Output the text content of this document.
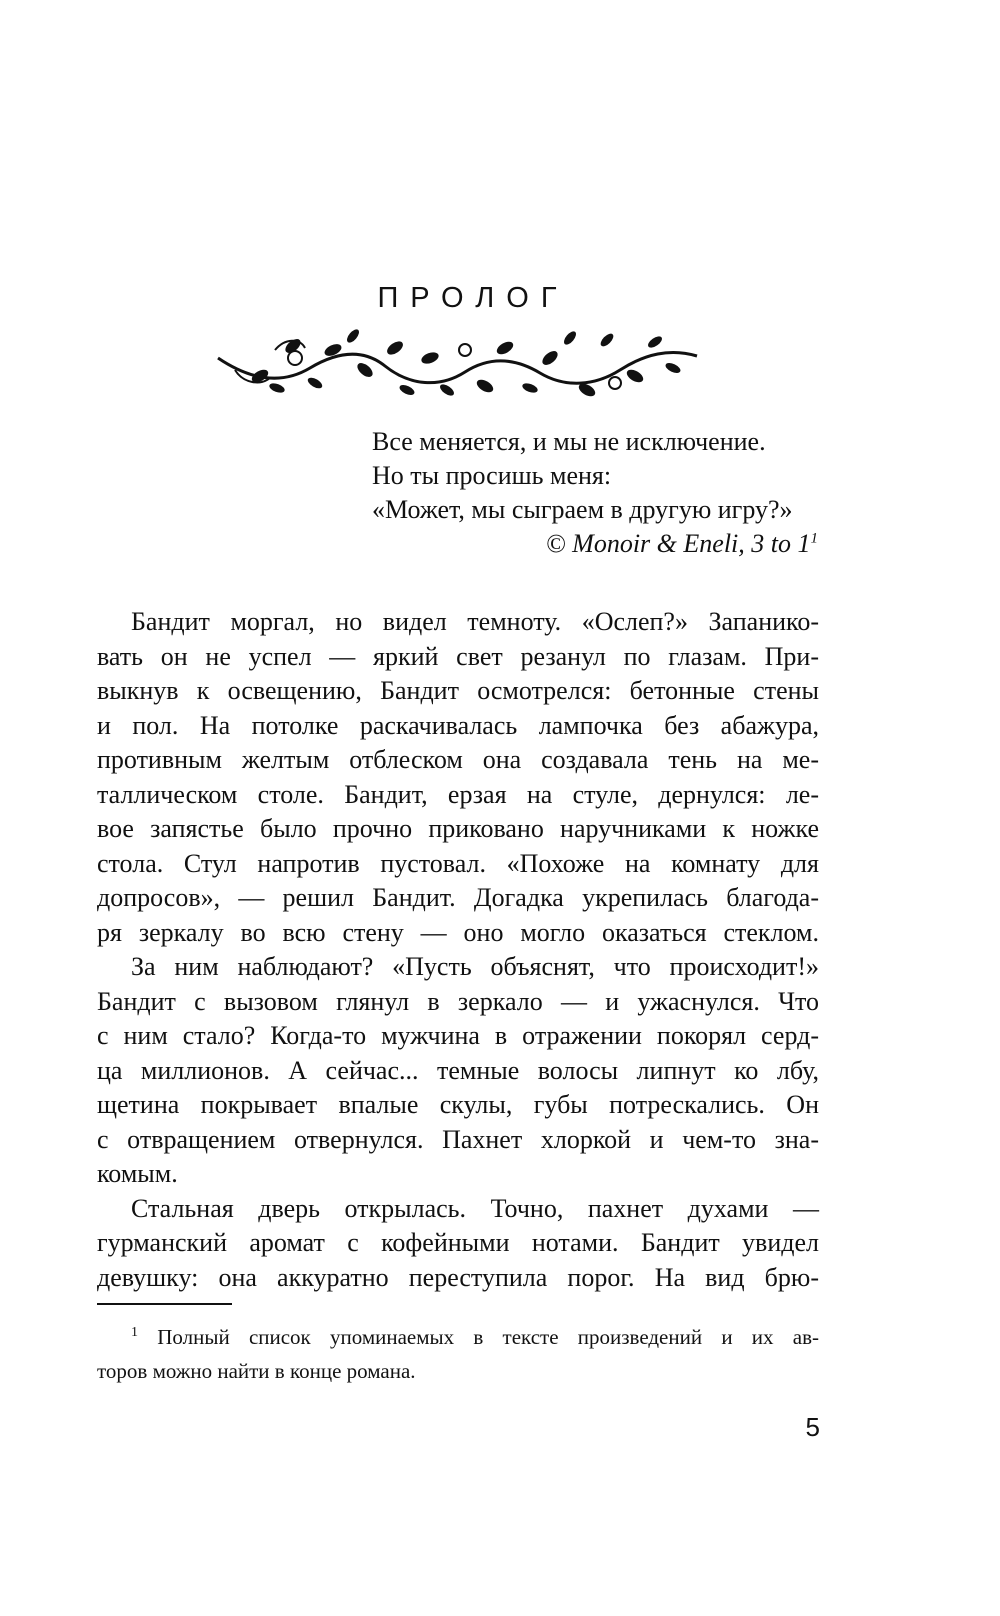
ПРОЛОГ
Все меняется, и мы не исключение.
Но ты просишь меня:
«Может, мы сыграем в другую игру?»
© Monoir & Eneli, 3 to $1^1$
Бандит моргал, но видел темноту. «Ослеп?» Запанико-
вать он не успел — яркий свет резанул по глазам. При-
выкнув к освещению, Бандит осмотрелся: бетонные стены
и пол. На потолке раскачивалась лампочка без абажура,
противным желтым отблеском она создавала тень на ме-
таллическом столе. Бандит, ерзая на стуле, дернулся: ле-
вое запястье было прочно приковано наручниками к ножке
стола. Стул напротив пустовал. «Похоже на комнату для
допросов», — решил Бандит. Догадка укрепилась благода-
ря зеркалу во всю стену — оно могло оказаться стеклом.
За ним наблюдают? «Пусть объяснят, что происходит!»
Бандит с вызовом глянул в зеркало — и ужаснулся. Что
с ним стало? Когда-то мужчина в отражении покорял серд-
ца миллионов. А сейчас... темные волосы липнут ко лбу,
щетина покрывает впалые скулы, губы потрескались. Он
с отвращением отвернулся. Пахнет хлоркой и чем-то зна-
комым.
Стальная дверь открылась. Точно, пахнет духами —
гурманский аромат с кофейными нотами. Бандит увидел
девушку: она аккуратно переступила порог. На вид брю-
$^1$ Полный список упоминаемых в тексте произведений и их ав-
торов можно найти в конце романа.
5
